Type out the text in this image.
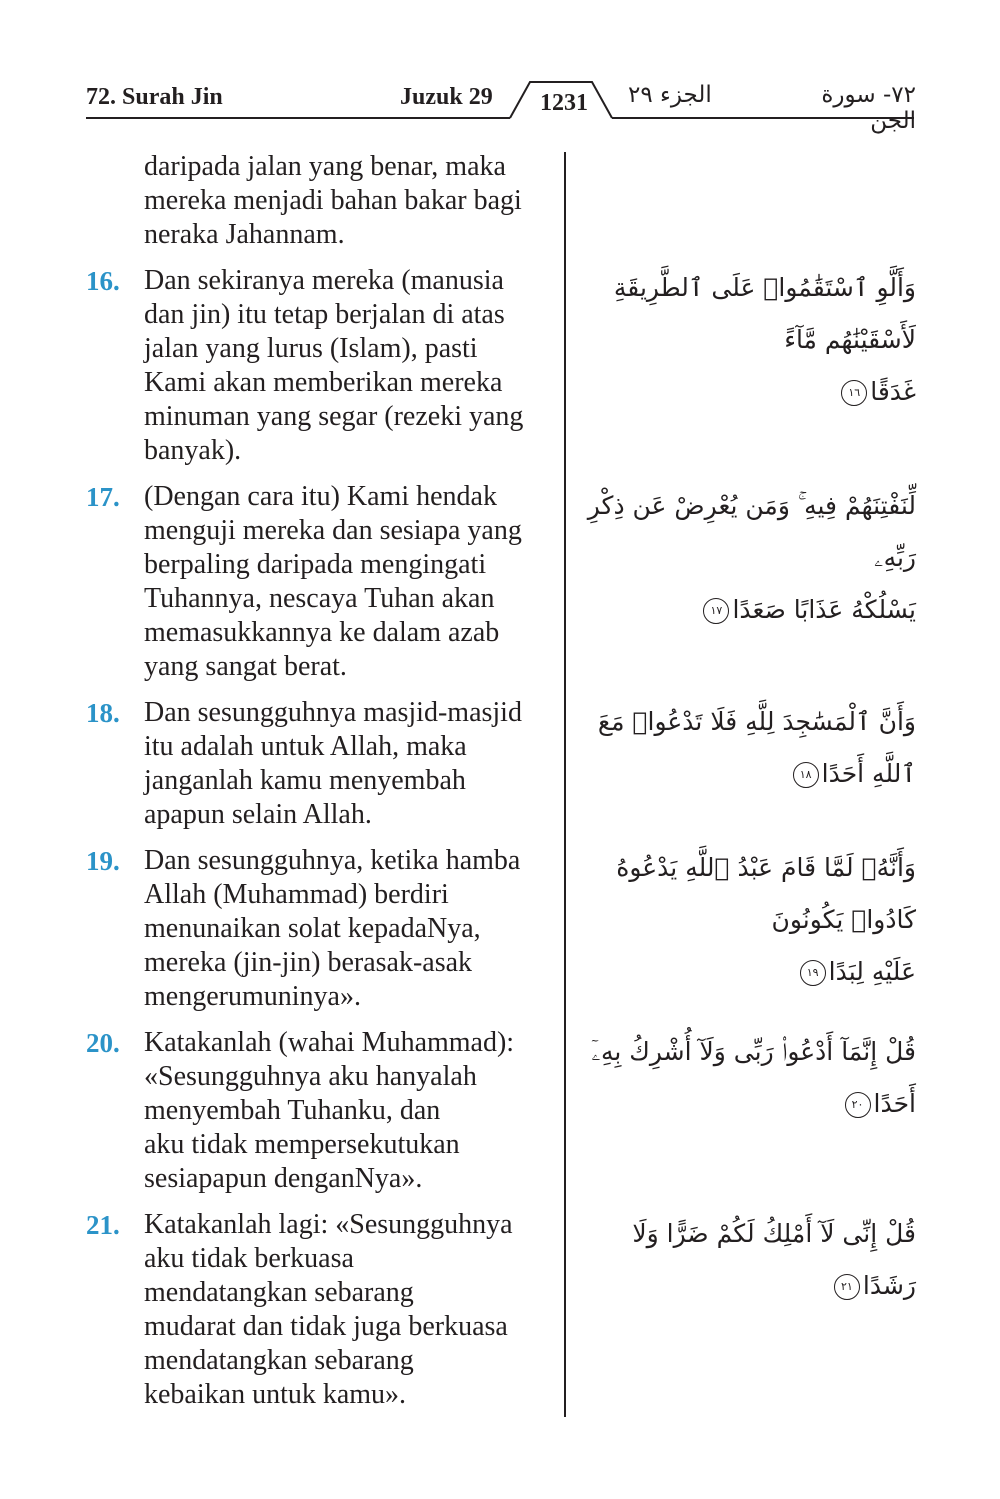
72. Surah Jin	Juzuk 29	1231	الجزء ٢٩	٧٢- سورة الجن
daripada jalan yang benar, maka
mereka menjadi bahan bakar bagi
neraka Jahannam.
16. Dan sekiranya mereka (manusia
dan jin) itu tetap berjalan di atas
jalan yang lurus (Islam), pasti
Kami akan memberikan mereka
minuman yang segar (rezeki yang
banyak).
17. (Dengan cara itu) Kami hendak
menguji mereka dan sesiapa yang
berpaling daripada mengingati
Tuhannya, nescaya Tuhan akan
memasukkannya ke dalam azab
yang sangat berat.
18. Dan sesungguhnya masjid-masjid
itu adalah untuk Allah, maka
janganlah kamu menyembah
apapun selain Allah.
19. Dan sesungguhnya, ketika hamba
Allah (Muhammad) berdiri
menunaikan solat kepadaNya,
mereka (jin-jin) berasak-asak
mengerumuninya».
20. Katakanlah (wahai Muhammad):
«Sesungguhnya aku hanyalah
menyembah Tuhanku, dan
aku tidak mempersekutukan
sesiapapun denganNya».
21. Katakanlah lagi: «Sesungguhnya
aku tidak berkuasa
mendatangkan sebarang
mudarat dan tidak juga berkuasa
mendatangkan sebarang
kebaikan untuk kamu».
وَأَلَّوِ ٱسْتَقَٰمُوا۟ عَلَى ٱلطَّرِيقَةِ لَأَسْقَيْنَٰهُم مَّآءً
غَدَقًا١٦
لِّنَفْتِنَهُمْ فِيهِ ۚ وَمَن يُعْرِضْ عَن ذِكْرِ رَبِّهِۦ
يَسْلُكْهُ عَذَابًا صَعَدًا١٧
وَأَنَّ ٱلْمَسَٰجِدَ لِلَّهِ فَلَا تَدْعُوا۟ مَعَ ٱللَّهِ أَحَدًا١٨
وَأَنَّهُۥ لَمَّا قَامَ عَبْدُ ٱللَّهِ يَدْعُوهُ كَادُوا۟ يَكُونُونَ
عَلَيْهِ لِبَدًا١٩
قُلْ إِنَّمَآ أَدْعُوا۟ رَبِّى وَلَآ أُشْرِكُ بِهِۦٓ أَحَدًا٢٠
قُلْ إِنِّى لَآ أَمْلِكُ لَكُمْ ضَرًّا وَلَا رَشَدًا٢١
